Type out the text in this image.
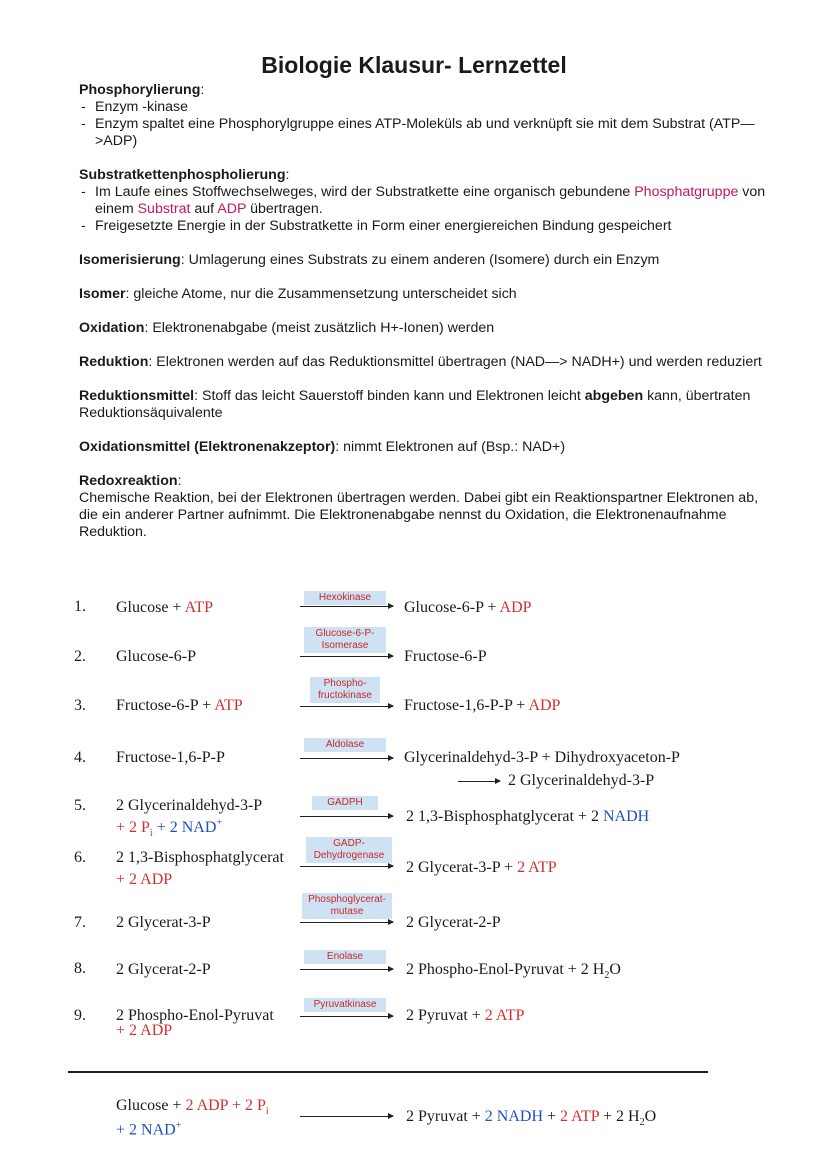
Biologie Klausur- Lernzettel
Phosphorylierung:
- Enzym -kinase
- Enzym spaltet eine Phosphorylgruppe eines ATP-Moleküls ab und verknüpft sie mit dem Substrat (ATP—>ADP)
Substratkettenphospholierung:
- Im Laufe eines Stoffwechselweges, wird der Substratkette eine organisch gebundene Phosphatgruppe von einem Substrat auf ADP übertragen.
- Freigesetzte Energie in der Substratkette in Form einer energiereichen Bindung gespeichert
Isomerisierung: Umlagerung eines Substrats zu einem anderen (Isomere) durch ein Enzym
Isomer: gleiche Atome, nur die Zusammensetzung unterscheidet sich
Oxidation: Elektronenabgabe (meist zusätzlich H+-Ionen) werden
Reduktion: Elektronen werden auf das Reduktionsmittel übertragen (NAD—> NADH+) und werden reduziert
Reduktionsmittel: Stoff das leicht Sauerstoff binden kann und Elektronen leicht abgeben kann, übertraten Reduktionsäquivalente
Oxidationsmittel (Elektronenakzeptor): nimmt Elektronen auf (Bsp.: NAD+)
Redoxreaktion:
Chemische Reaktion, bei der Elektronen übertragen werden. Dabei gibt ein Reaktionspartner Elektronen ab, die ein anderer Partner aufnimmt. Die Elektronenabgabe nennst du Oxidation, die Elektronenaufnahme Reduktion.
1. Glucose + ATP
Hexokinase
Glucose-6-P + ADP
2. Glucose-6-P
Glucose-6-P-
Isomerase
Fructose-6-P
3. Fructose-6-P + ATP
Phospho-
fructokinase
Fructose-1,6-P-P + ADP
4. Fructose-1,6-P-P
Aldolase
Glycerinaldehyd-3-P + Dihydroxyaceton-P
→ 2 Glycerinaldehyd-3-P
5. 2 Glycerinaldehyd-3-P
+ 2 $P_i + 2$ NAD+
GADPH
2 1,3-Bisphosphatglycerat + 2 NADH
6. 2 1,3-Bisphosphatglycerat
+ 2 ADP
GADP-
Dehydrogenase
2 Glycerat-3-P + 2 ATP
7. 2 Glycerat-3-P
Phosphoglycerat-
mutase
2 Glycerat-2-P
8. 2 Glycerat-2-P
Enolase
2 Phospho-Enol-Pyruvat + 2 $H_2O$
9. 2 Phospho-Enol-Pyruvat
+ 2 ADP
Pyruvatkinase
2 Pyruvat + 2 ATP
Glucose + 2 ADP + 2 $P_i$
+ 2 NAD+
2 Pyruvat + 2 NADH + 2 ATP + 2 $H_2O$
